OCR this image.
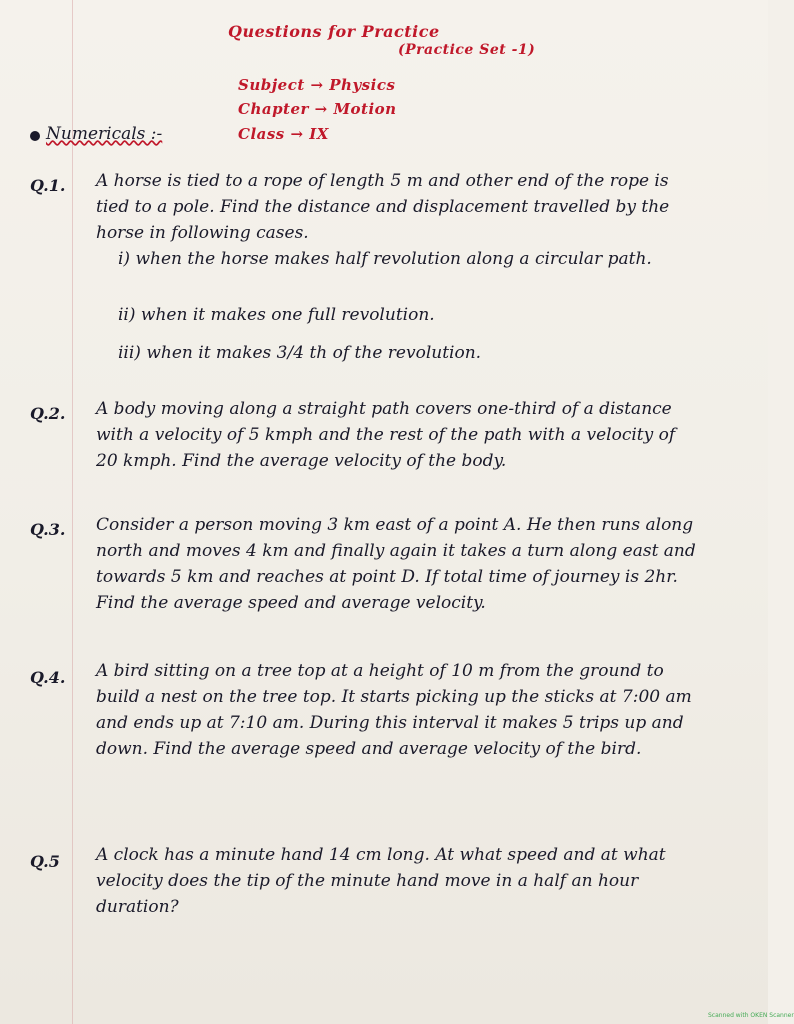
Questions for Practice
(Practice Set -1)
Subject → Physics
Chapter → Motion
Class → IX
Numericals :-
Q.1. A horse is tied to a rope of length 5 m and other end of the rope is tied to a pole. Find the distance and displacement travelled by the horse in following cases.
i) when the horse makes half revolution along a circular path.
ii) when it makes one full revolution.
iii) when it makes 3/4 th of the revolution.
Q.2. A body moving along a straight path covers one-third of a distance with a velocity of 5 kmph and the rest of the path with a velocity of 20 kmph. Find the average velocity of the body.
Q.3. Consider a person moving 3 km east of a point A. He then runs along north and moves 4 km and finally again it takes a turn along east and towards 5 km and reaches at point D. If total time of journey is 2hr. Find the average speed and average velocity.
Q.4. A bird sitting on a tree top at a height of 10 m from the ground to build a nest on the tree top. It starts picking up the sticks at 7:00 am and ends up at 7:10 am. During this interval it makes 5 trips up and down. Find the average speed and average velocity of the bird.
Q.5 A clock has a minute hand 14 cm long. At what speed and at what velocity does the tip of the minute hand move in a half an hour duration?
Scanned with OKEN Scanner
